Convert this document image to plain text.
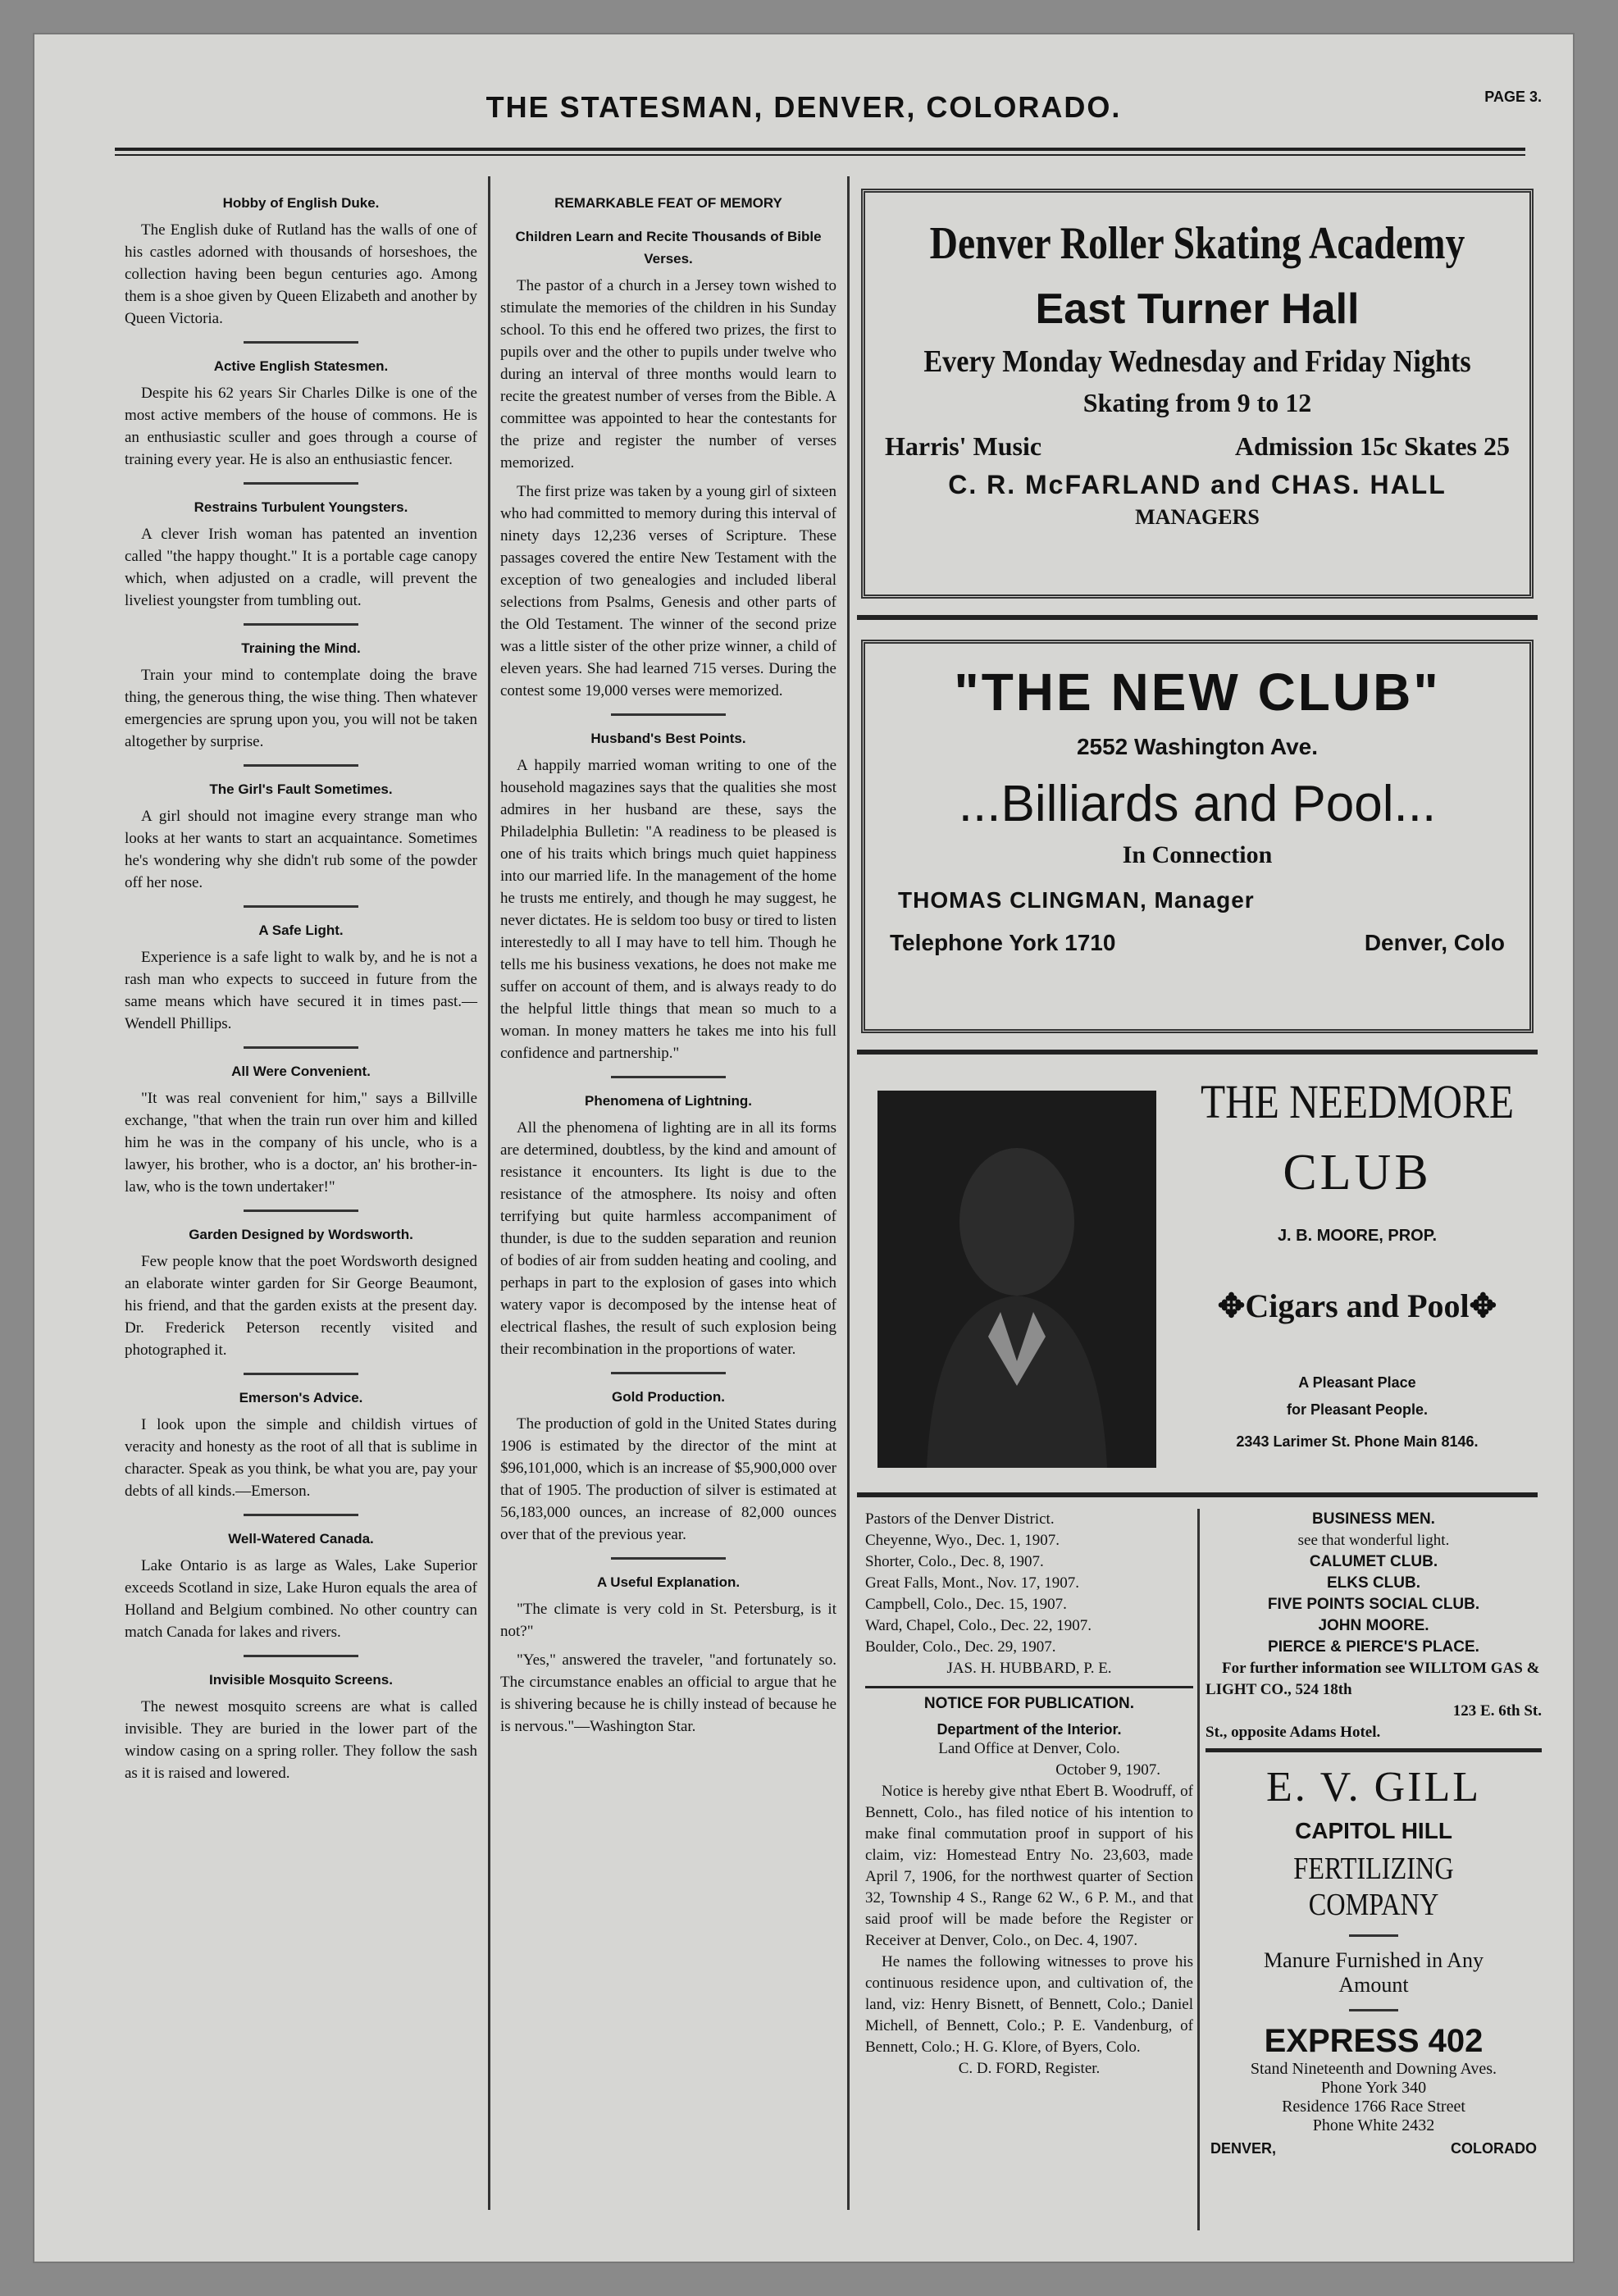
THE STATESMAN, DENVER, COLORADO.	PAGE 3.
Hobby of English Duke.

The English duke of Rutland has the walls of one of his castles adorned with thousands of horseshoes, the collection having been begun centuries ago. Among them is a shoe given by Queen Elizabeth and another by Queen Victoria.

Active English Statesmen.

Despite his 62 years Sir Charles Dilke is one of the most active members of the house of commons. He is an enthusiastic sculler and goes through a course of training every year. He is also an enthusiastic fencer.

Restrains Turbulent Youngsters.

A clever Irish woman has patented an invention called "the happy thought." It is a portable cage canopy which, when adjusted on a cradle, will prevent the liveliest youngster from tumbling out.

Training the Mind.

Train your mind to contemplate doing the brave thing, the generous thing, the wise thing. Then whatever emergencies are sprung upon you, you will not be taken altogether by surprise.

The Girl's Fault Sometimes.

A girl should not imagine every strange man who looks at her wants to start an acquaintance. Sometimes he's wondering why she didn't rub some of the powder off her nose.

A Safe Light.

Experience is a safe light to walk by, and he is not a rash man who expects to succeed in future from the same means which have secured it in times past.—Wendell Phillips.

All Were Convenient.

"It was real convenient for him," says a Billville exchange, "that when the train run over him and killed him he was in the company of his uncle, who is a lawyer, his brother, who is a doctor, an' his brother-in-law, who is the town undertaker!"

Garden Designed by Wordsworth.

Few people know that the poet Wordsworth designed an elaborate winter garden for Sir George Beaumont, his friend, and that the garden exists at the present day. Dr. Frederick Peterson recently visited and photographed it.

Emerson's Advice.

I look upon the simple and childish virtues of veracity and honesty as the root of all that is sublime in character. Speak as you think, be what you are, pay your debts of all kinds.—Emerson.

Well-Watered Canada.

Lake Ontario is as large as Wales, Lake Superior exceeds Scotland in size, Lake Huron equals the area of Holland and Belgium combined. No other country can match Canada for lakes and rivers.

Invisible Mosquito Screens.

The newest mosquito screens are what is called invisible. They are buried in the lower part of the window casing on a spring roller. They follow the sash as it is raised and lowered.

REMARKABLE FEAT OF MEMORY
Children Learn and Recite Thousands of Bible Verses.

The pastor of a church in a Jersey town wished to stimulate the memories of the children in his Sunday school. To this end he offered two prizes, the first to pupils over and the other to pupils under twelve who during an interval of three months would learn to recite the greatest number of verses from the Bible. A committee was appointed to hear the contestants for the prize and register the number of verses memorized.

The first prize was taken by a young girl of sixteen who had committed to memory during this interval of ninety days 12,236 verses of Scripture. These passages covered the entire New Testament with the exception of two genealogies and included liberal selections from Psalms, Genesis and other parts of the Old Testament. The winner of the second prize was a little sister of the other prize winner, a child of eleven years. She had learned 715 verses. During the contest some 19,000 verses were memorized.

Husband's Best Points.

A happily married woman writing to one of the household magazines says that the qualities she most admires in her husband are these, says the Philadelphia Bulletin: "A readiness to be pleased is one of his traits which brings much quiet happiness into our married life. In the management of the home he trusts me entirely, and though he may suggest, he never dictates. He is seldom too busy or tired to listen interestedly to all I may have to tell him. Though he tells me his business vexations, he does not make me suffer on account of them, and is always ready to do the helpful little things that mean so much to a woman. In money matters he takes me into his full confidence and partnership."

Phenomena of Lightning.

All the phenomena of lighting are in all its forms are determined, doubtless, by the kind and amount of resistance it encounters. Its light is due to the resistance of the atmosphere. Its noisy and often terrifying but quite harmless accompaniment of thunder, is due to the sudden separation and reunion of bodies of air from sudden heating and cooling, and perhaps in part to the explosion of gases into which watery vapor is decomposed by the intense heat of electrical flashes, the result of such explosion being their recombination in the proportions of water.

Gold Production.

The production of gold in the United States during 1906 is estimated by the director of the mint at $96,101,000, which is an increase of $5,900,000 over that of 1905. The production of silver is estimated at 56,183,000 ounces, an increase of 82,000 ounces over that of the previous year.

A Useful Explanation.

"The climate is very cold in St. Petersburg, is it not?"

"Yes," answered the traveler, "and fortunately so. The circumstance enables an official to argue that he is shivering because he is chilly instead of because he is nervous."—Washington Star.

Denver Roller Skating Academy
East Turner Hall
Every Monday Wednesday and Friday Nights
Skating from 9 to 12
Harris' Music	Admission 15c Skates 25
C. R. McFARLAND and CHAS. HALL
MANAGERS
"THE NEW CLUB"
2552 Washington Ave.
...Billiards and Pool...
In Connection
THOMAS CLINGMAN, Manager
Telephone York 1710	Denver, Colo
THE NEEDMORE
CLUB
J. B. MOORE, PROP.
✥Cigars and Pool✥
A Pleasant Place
for Pleasant People.
2343 Larimer St. Phone Main 8146.

Pastors of the Denver District.

Cheyenne, Wyo., Dec. 1, 1907.

Shorter, Colo., Dec. 8, 1907.

Great Falls, Mont., Nov. 17, 1907.

Campbell, Colo., Dec. 15, 1907.

Ward, Chapel, Colo., Dec. 22, 1907.

Boulder, Colo., Dec. 29, 1907.

JAS. H. HUBBARD, P. E.

NOTICE FOR PUBLICATION.
Department of the Interior.

Land Office at Denver, Colo.

October 9, 1907.

Notice is hereby give nthat Ebert B. Woodruff, of Bennett, Colo., has filed notice of his intention to make final commutation proof in support of his claim, viz: Homestead Entry No. 23,603, made April 7, 1906, for the northwest quarter of Section 32, Township 4 S., Range 62 W., 6 P. M., and that said proof will be made before the Register or Receiver at Denver, Colo., on Dec. 4, 1907.

He names the following witnesses to prove his continuous residence upon, and cultivation of, the land, viz: Henry Bisnett, of Bennett, Colo.; Daniel Michell, of Bennett, Colo.; P. E. Vandenburg, of Bennett, Colo.; H. G. Klore, of Byers, Colo.

C. D. FORD, Register.

BUSINESS MEN.

see that wonderful light.

CALUMET CLUB.

ELKS CLUB.

FIVE POINTS SOCIAL CLUB.

JOHN MOORE.

PIERCE & PIERCE'S PLACE.

For further information see WILLTOM GAS & LIGHT CO., 524 18th

123 E. 6th St.

St., opposite Adams Hotel.

E. V. GILL
CAPITOL HILL
FERTILIZING COMPANY
Manure Furnished in Any Amount
EXPRESS 402
Stand Nineteenth and Downing Aves.
Phone York 340
Residence 1766 Race Street
Phone White 2432
DENVER,	COLORADO
